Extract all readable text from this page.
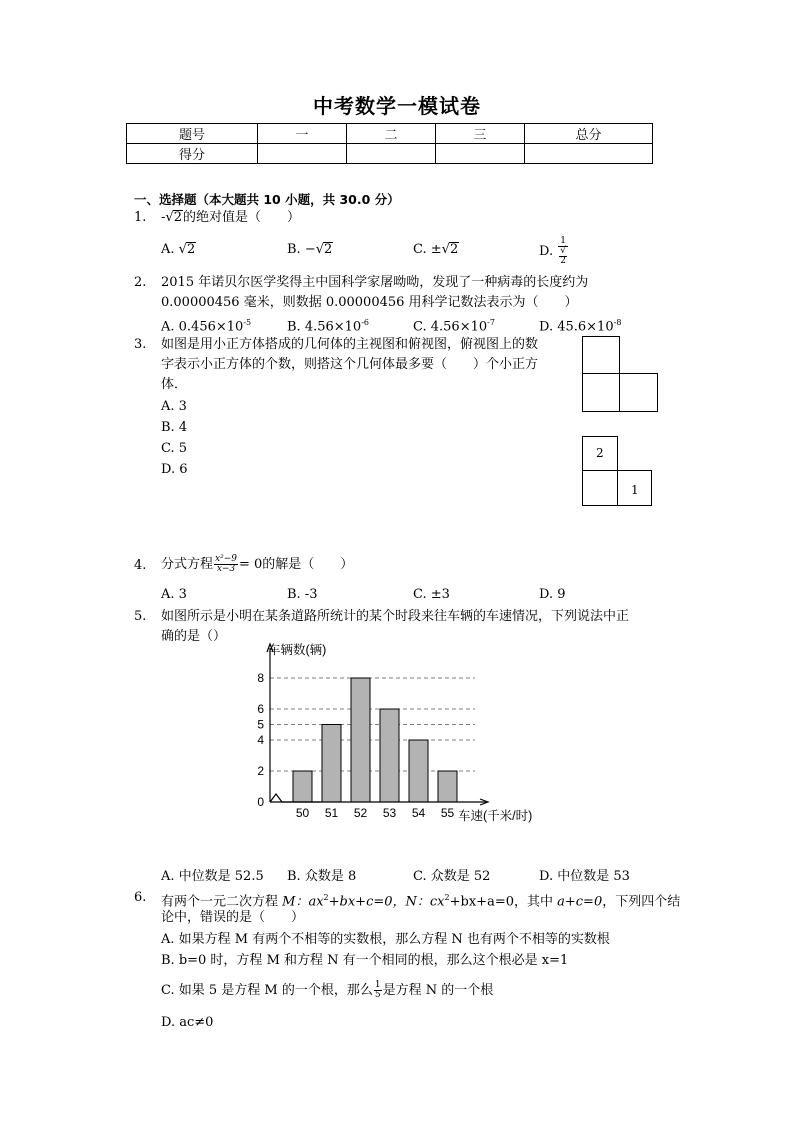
中考数学一模试卷
题号	一	二	三	总分
得分				
一、选择题（本大题共 10 小题，共 30.0 分）
1. -√2的绝对值是（　　）
A. √2	B. −√2	C. ±√2	D. 1
√
2
2. 2015 年诺贝尔医学奖得主中国科学家屠呦呦，发现了一种病毒的长度约为
0.00000456 毫米，则数据 0.00000456 用科学记数法表示为（　　）
A. $0.456\times 10^{-5}$	B. $4.56\times 10^{-6}$	C. $4.56\times 10^{-7}$	D. $45.6\times 10^{-8}$
3. 如图是用小正方体搭成的几何体的主视图和俯视图，俯视图上的数
字表示小正方体的个数，则搭这个几何体最多要（　　）个小正方
体．
A. 3
B. 4
C. 5
D. 6
2
1
4. 分式方程 $\frac{\text{x²−9}}{x-3} = 0$的解是（　　）
A. 3	B. -3	C. ±3	D. 9
5. 如图所示是小明在某条道路所统计的某个时段来往车辆的车速情况，下列说法中正
确的是（）
50 51 52 53 54 55
0
2
4
5
6
8
车辆数(辆)
车速(千米/时)
A. 中位数是 52.5 B. 众数是 8	C. 众数是 52	D. 中位数是 53
6. 有两个一元二次方程 M：$ax^2+bx+c=0$，N：$cx^2+bx+a=0$，其中 a+c=0，下列四个结
论中，错误的是（　　）
A. 如果方程 M 有两个不相等的实数根，那么方程 N 也有两个不相等的实数根
B. b=0 时，方程 M 和方程 N 有一个相同的根，那么这个根必是 x=1
C. 如果 5 是方程 M 的一个根，那么 $\frac{1}{5}$ 是方程 N 的一个根
D. ac≠0
